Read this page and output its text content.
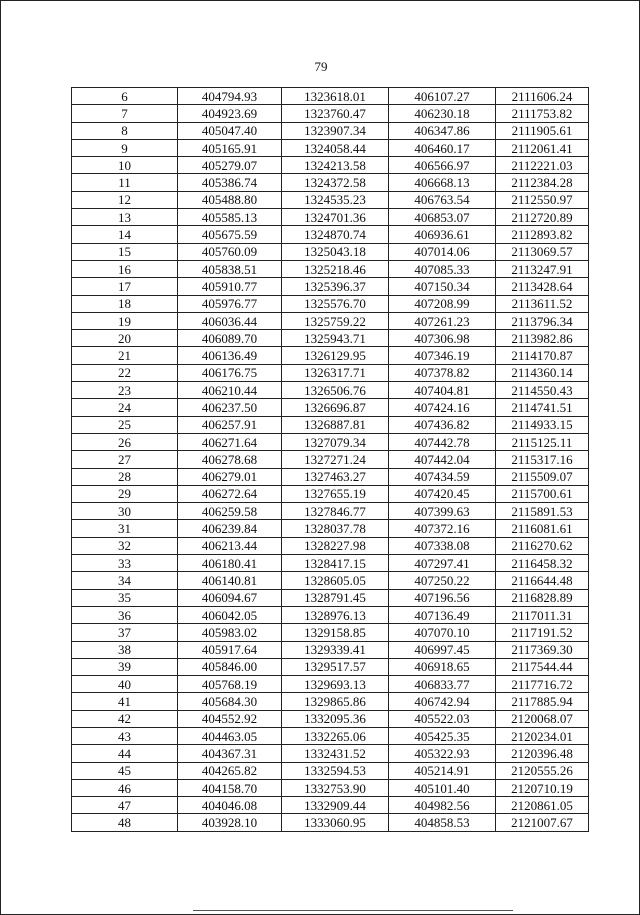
79
6	404794.93	1323618.01	406107.27	2111606.24
7	404923.69	1323760.47	406230.18	2111753.82
8	405047.40	1323907.34	406347.86	2111905.61
9	405165.91	1324058.44	406460.17	2112061.41
10	405279.07	1324213.58	406566.97	2112221.03
11	405386.74	1324372.58	406668.13	2112384.28
12	405488.80	1324535.23	406763.54	2112550.97
13	405585.13	1324701.36	406853.07	2112720.89
14	405675.59	1324870.74	406936.61	2112893.82
15	405760.09	1325043.18	407014.06	2113069.57
16	405838.51	1325218.46	407085.33	2113247.91
17	405910.77	1325396.37	407150.34	2113428.64
18	405976.77	1325576.70	407208.99	2113611.52
19	406036.44	1325759.22	407261.23	2113796.34
20	406089.70	1325943.71	407306.98	2113982.86
21	406136.49	1326129.95	407346.19	2114170.87
22	406176.75	1326317.71	407378.82	2114360.14
23	406210.44	1326506.76	407404.81	2114550.43
24	406237.50	1326696.87	407424.16	2114741.51
25	406257.91	1326887.81	407436.82	2114933.15
26	406271.64	1327079.34	407442.78	2115125.11
27	406278.68	1327271.24	407442.04	2115317.16
28	406279.01	1327463.27	407434.59	2115509.07
29	406272.64	1327655.19	407420.45	2115700.61
30	406259.58	1327846.77	407399.63	2115891.53
31	406239.84	1328037.78	407372.16	2116081.61
32	406213.44	1328227.98	407338.08	2116270.62
33	406180.41	1328417.15	407297.41	2116458.32
34	406140.81	1328605.05	407250.22	2116644.48
35	406094.67	1328791.45	407196.56	2116828.89
36	406042.05	1328976.13	407136.49	2117011.31
37	405983.02	1329158.85	407070.10	2117191.52
38	405917.64	1329339.41	406997.45	2117369.30
39	405846.00	1329517.57	406918.65	2117544.44
40	405768.19	1329693.13	406833.77	2117716.72
41	405684.30	1329865.86	406742.94	2117885.94
42	404552.92	1332095.36	405522.03	2120068.07
43	404463.05	1332265.06	405425.35	2120234.01
44	404367.31	1332431.52	405322.93	2120396.48
45	404265.82	1332594.53	405214.91	2120555.26
46	404158.70	1332753.90	405101.40	2120710.19
47	404046.08	1332909.44	404982.56	2120861.05
48	403928.10	1333060.95	404858.53	2121007.67
